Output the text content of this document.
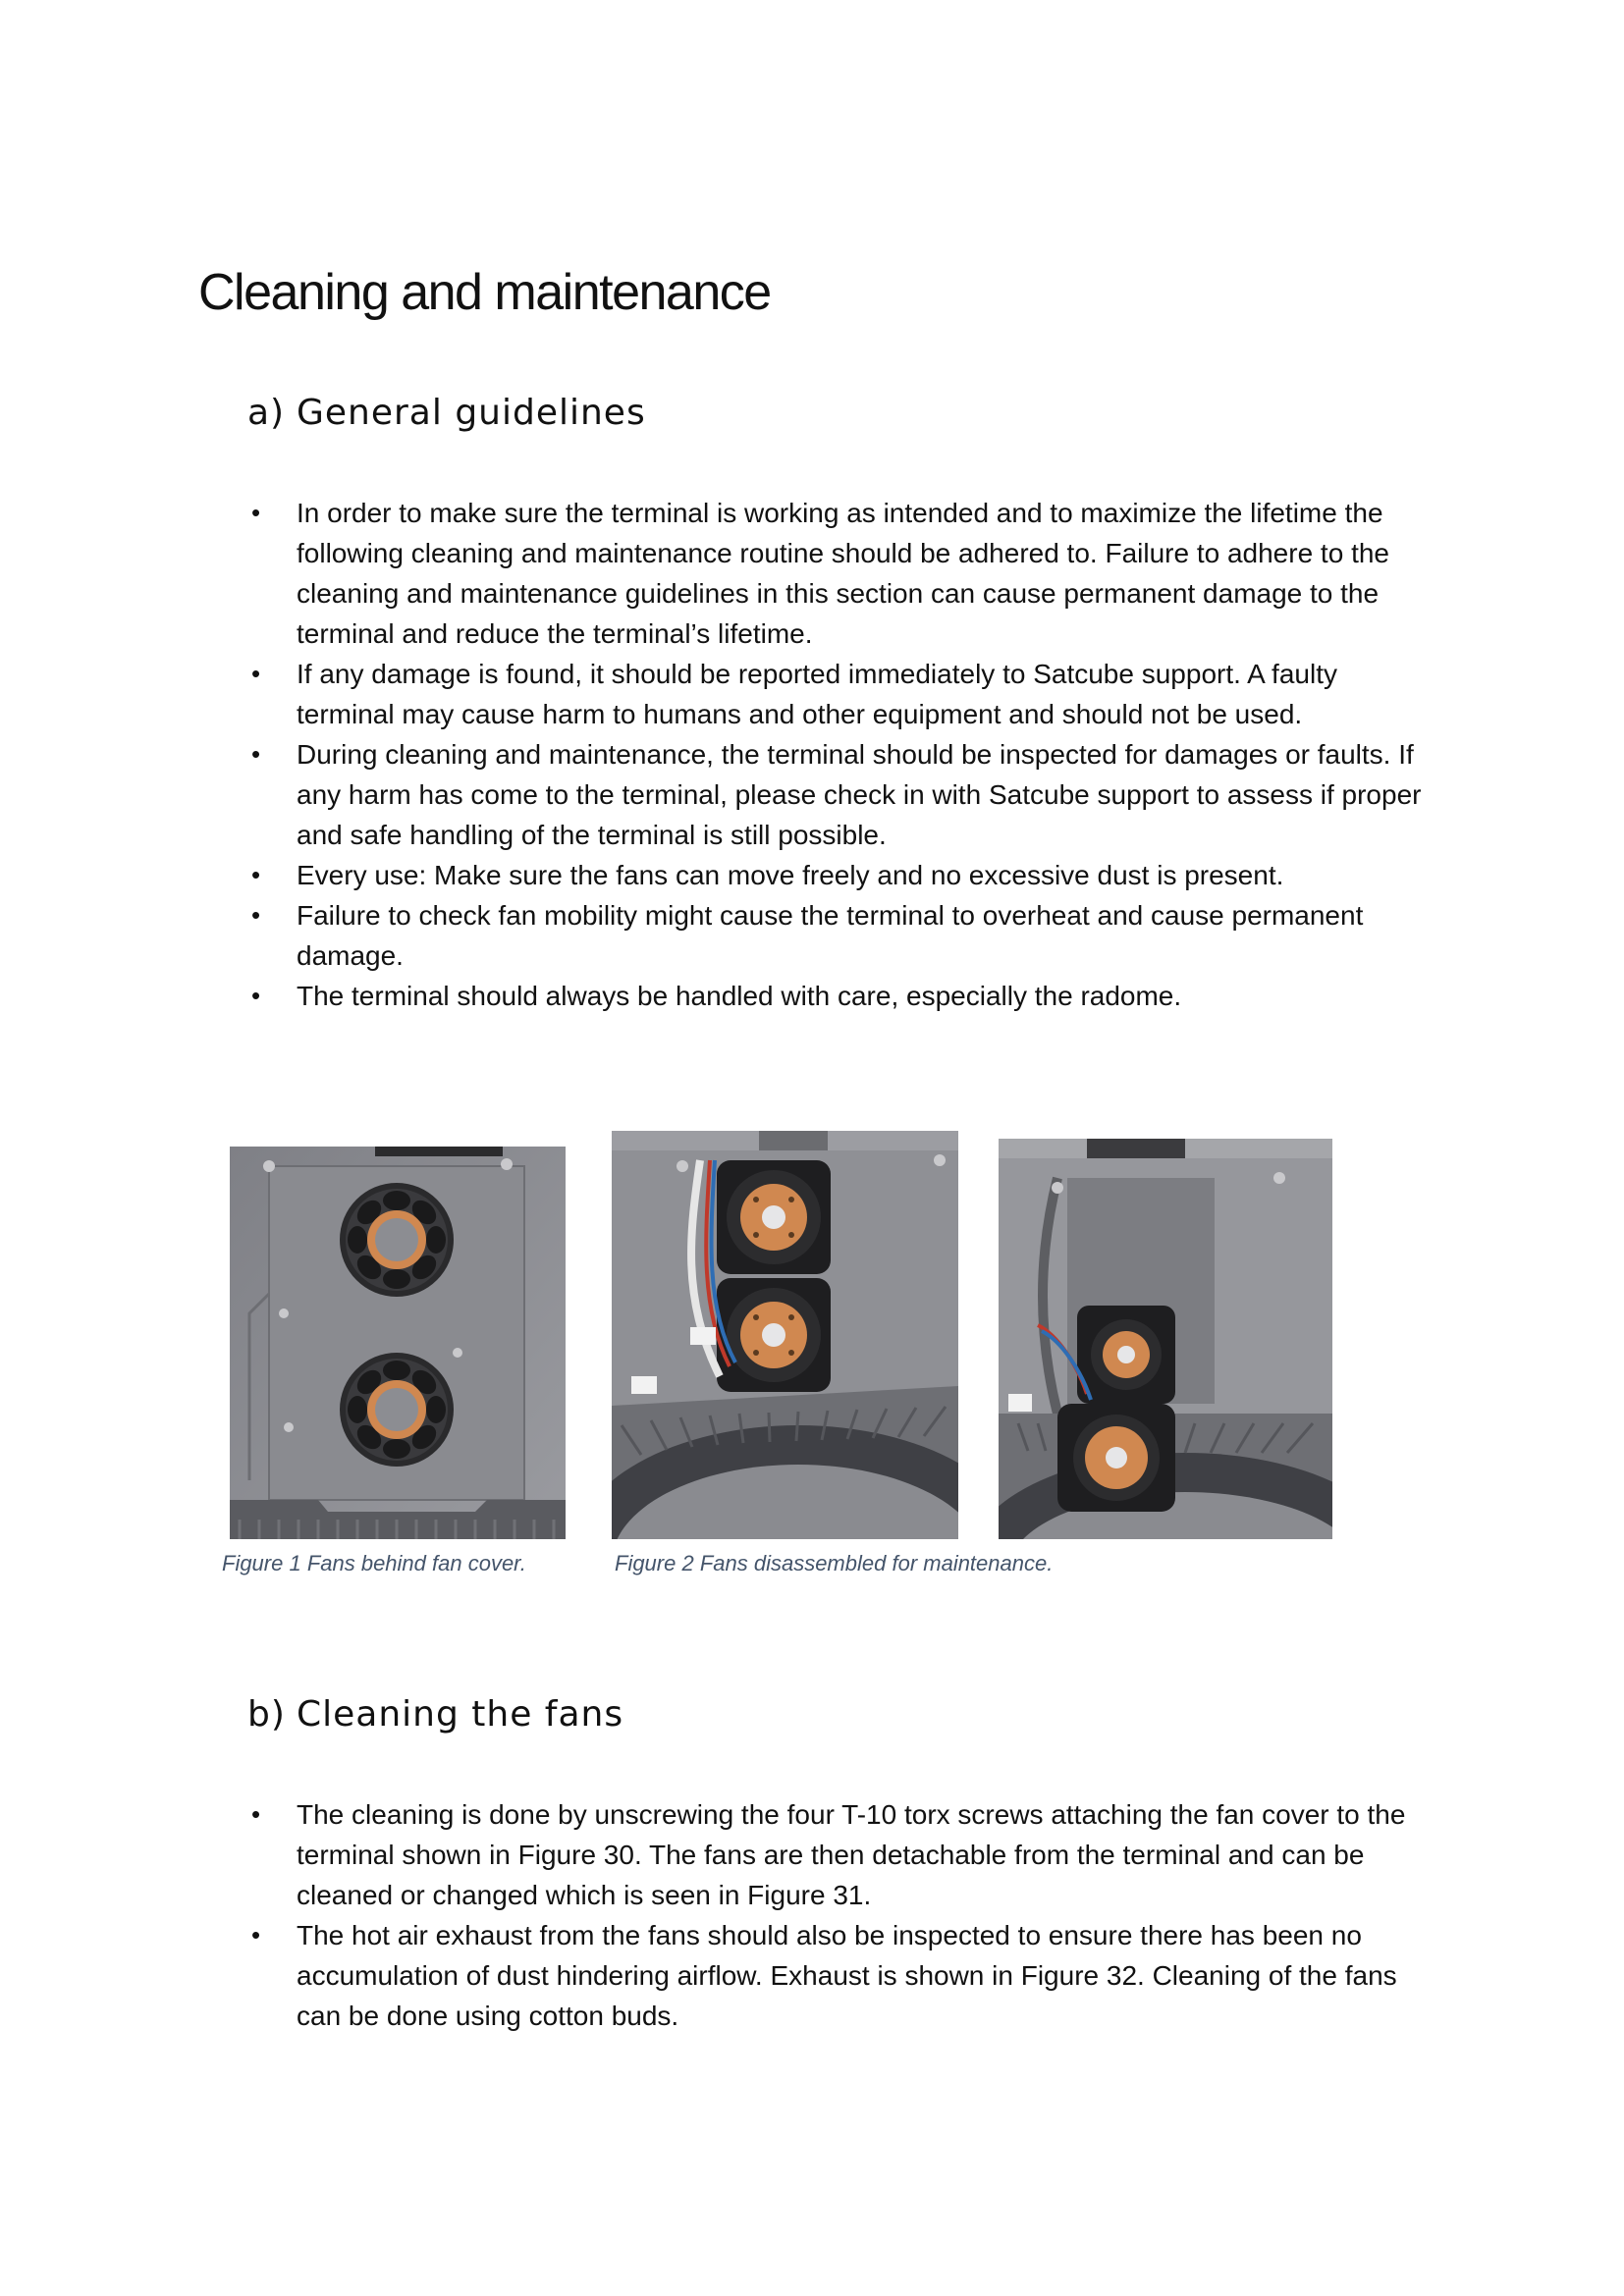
Cleaning and maintenance
a) General guidelines
• In order to make sure the terminal is working as intended and to maximize the lifetime the following cleaning and maintenance routine should be adhered to. Failure to adhere to the cleaning and maintenance guidelines in this section can cause permanent damage to the terminal and reduce the terminal’s lifetime.
• If any damage is found, it should be reported immediately to Satcube support. A faulty terminal may cause harm to humans and other equipment and should not be used.
• During cleaning and maintenance, the terminal should be inspected for damages or faults. If any harm has come to the terminal, please check in with Satcube support to assess if proper and safe handling of the terminal is still possible.
• Every use: Make sure the fans can move freely and no excessive dust is present.
• Failure to check fan mobility might cause the terminal to overheat and cause permanent damage.
• The terminal should always be handled with care, especially the radome.

Figure 1 Fans behind fan cover.	Figure 2 Fans disassembled for maintenance.

b) Cleaning the fans
• The cleaning is done by unscrewing the four T-10 torx screws attaching the fan cover to the terminal shown in Figure 30. The fans are then detachable from the terminal and can be cleaned or changed which is seen in Figure 31.
• The hot air exhaust from the fans should also be inspected to ensure there has been no accumulation of dust hindering airflow. Exhaust is shown in Figure 32. Cleaning of the fans can be done using cotton buds.
